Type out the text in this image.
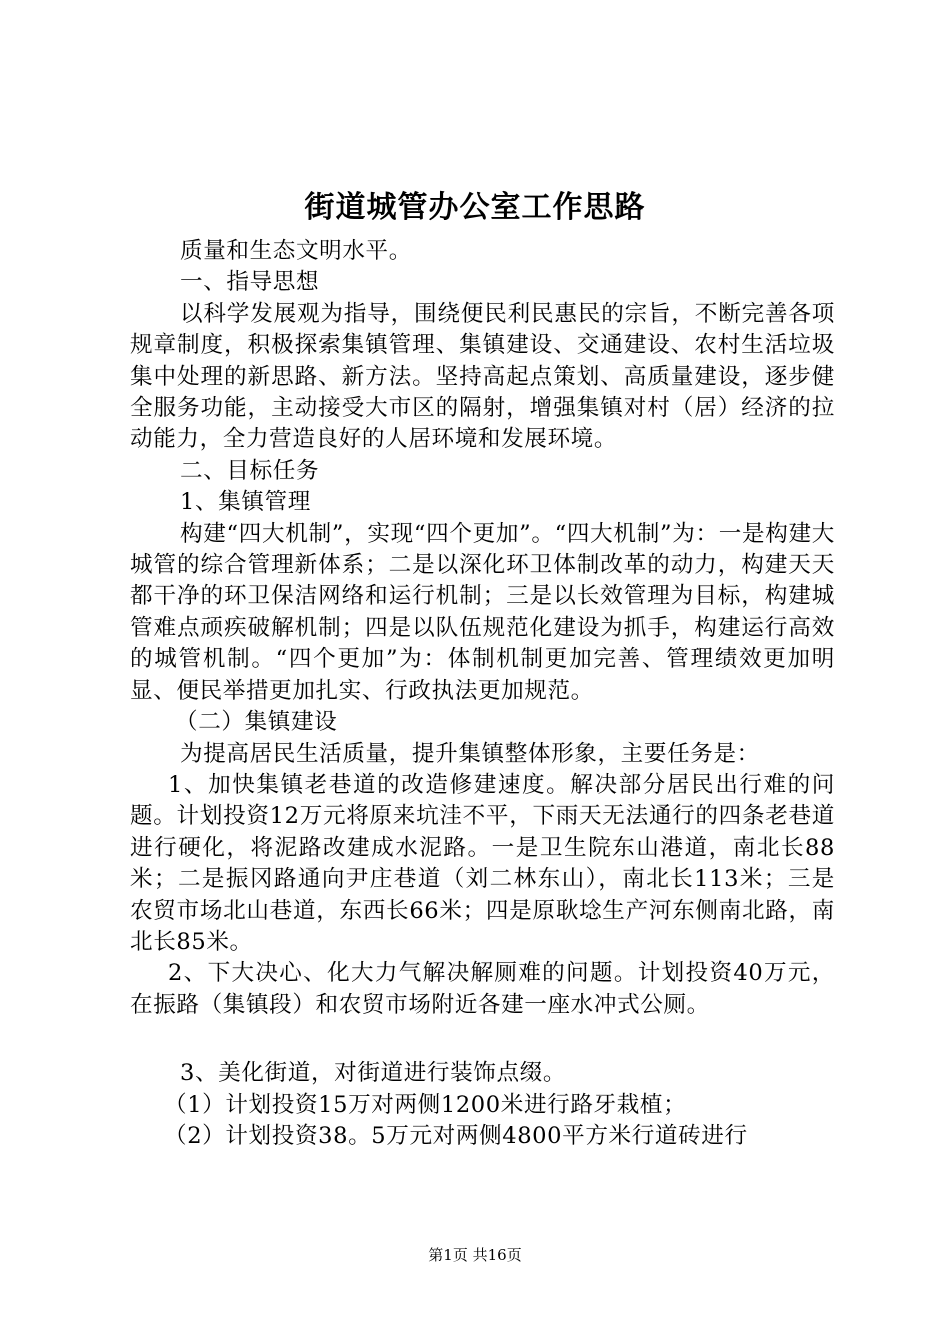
街道城管办公室工作思路

质量和生态文明水平。

一、指导思想

以科学发展观为指导，围绕便民利民惠民的宗旨，不断完善各项规章制度，积极探索集镇管理、集镇建设、交通建设、农村生活垃圾集中处理的新思路、新方法。坚持高起点策划、高质量建设，逐步健全服务功能，主动接受大市区的隔射，增强集镇对村（居）经济的拉动能力，全力营造良好的人居环境和发展环境。

二、目标任务

1、集镇管理

构建“四大机制”，实现“四个更加”。“四大机制”为：一是构建大城管的综合管理新体系；二是以深化环卫体制改革的动力，构建天天都干净的环卫保洁网络和运行机制；三是以长效管理为目标，构建城管难点顽疾破解机制；四是以队伍规范化建设为抓手，构建运行高效的城管机制。“四个更加”为：体制机制更加完善、管理绩效更加明显、便民举措更加扎实、行政执法更加规范。

（二）集镇建设

为提高居民生活质量，提升集镇整体形象，主要任务是：

1、加快集镇老巷道的改造修建速度。解决部分居民出行难的问题。计划投资12万元将原来坑洼不平，下雨天无法通行的四条老巷道进行硬化，将泥路改建成水泥路。一是卫生院东山港道，南北长88米；二是振冈路通向尹庄巷道（刘二林东山），南北长113米；三是农贸市场北山巷道，东西长66米；四是原耿埝生产河东侧南北路，南北长85米。

2、下大决心、化大力气解决解厕难的问题。计划投资40万元，在振路（集镇段）和农贸市场附近各建一座水冲式公厕。

3、美化街道，对街道进行装饰点缀。

（1）计划投资15万对两侧1200米进行路牙栽植；

（2）计划投资38。5万元对两侧4800平方米行道砖进行

第1页 共16页
